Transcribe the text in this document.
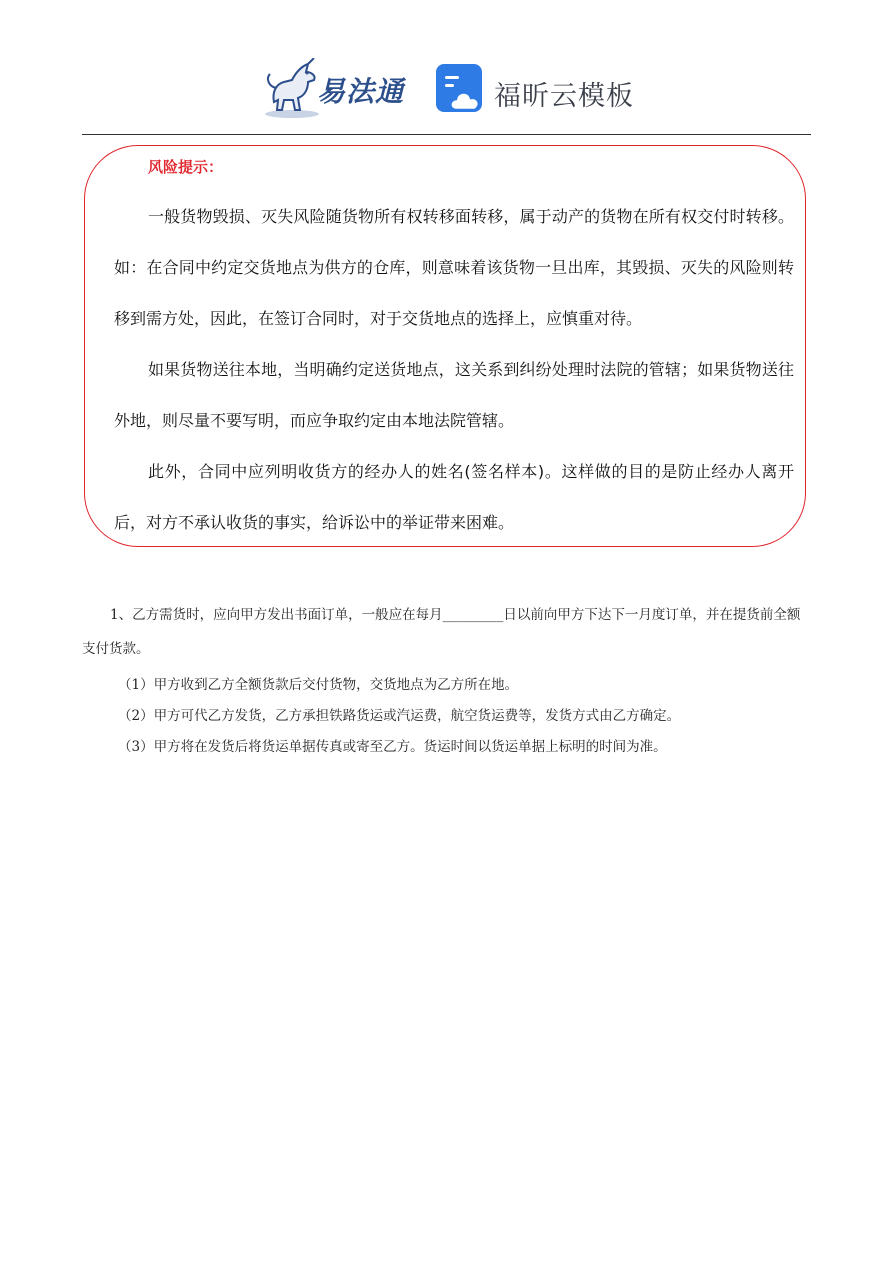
易法通	福昕云模板
风险提示：

一般货物毁损、灭失风险随货物所有权转移面转移，属于动产的货物在所有权交付时转移。如：在合同中约定交货地点为供方的仓库，则意味着该货物一旦出库，其毁损、灭失的风险则转移到需方处，因此，在签订合同时，对于交货地点的选择上，应慎重对待。

如果货物送往本地，当明确约定送货地点，这关系到纠纷处理时法院的管辖；如果货物送往外地，则尽量不要写明，而应争取约定由本地法院管辖。

此外，合同中应列明收货方的经办人的姓名(签名样本)。这样做的目的是防止经办人离开后，对方不承认收货的事实，给诉讼中的举证带来困难。

1、乙方需货时，应向甲方发出书面订单，一般应在每月_________日以前向甲方下达下一月度订单，并在提货前全额支付货款。

（1）甲方收到乙方全额货款后交付货物，交货地点为乙方所在地。

（2）甲方可代乙方发货，乙方承担铁路货运或汽运费，航空货运费等，发货方式由乙方确定。

（3）甲方将在发货后将货运单据传真或寄至乙方。货运时间以货运单据上标明的时间为准。
